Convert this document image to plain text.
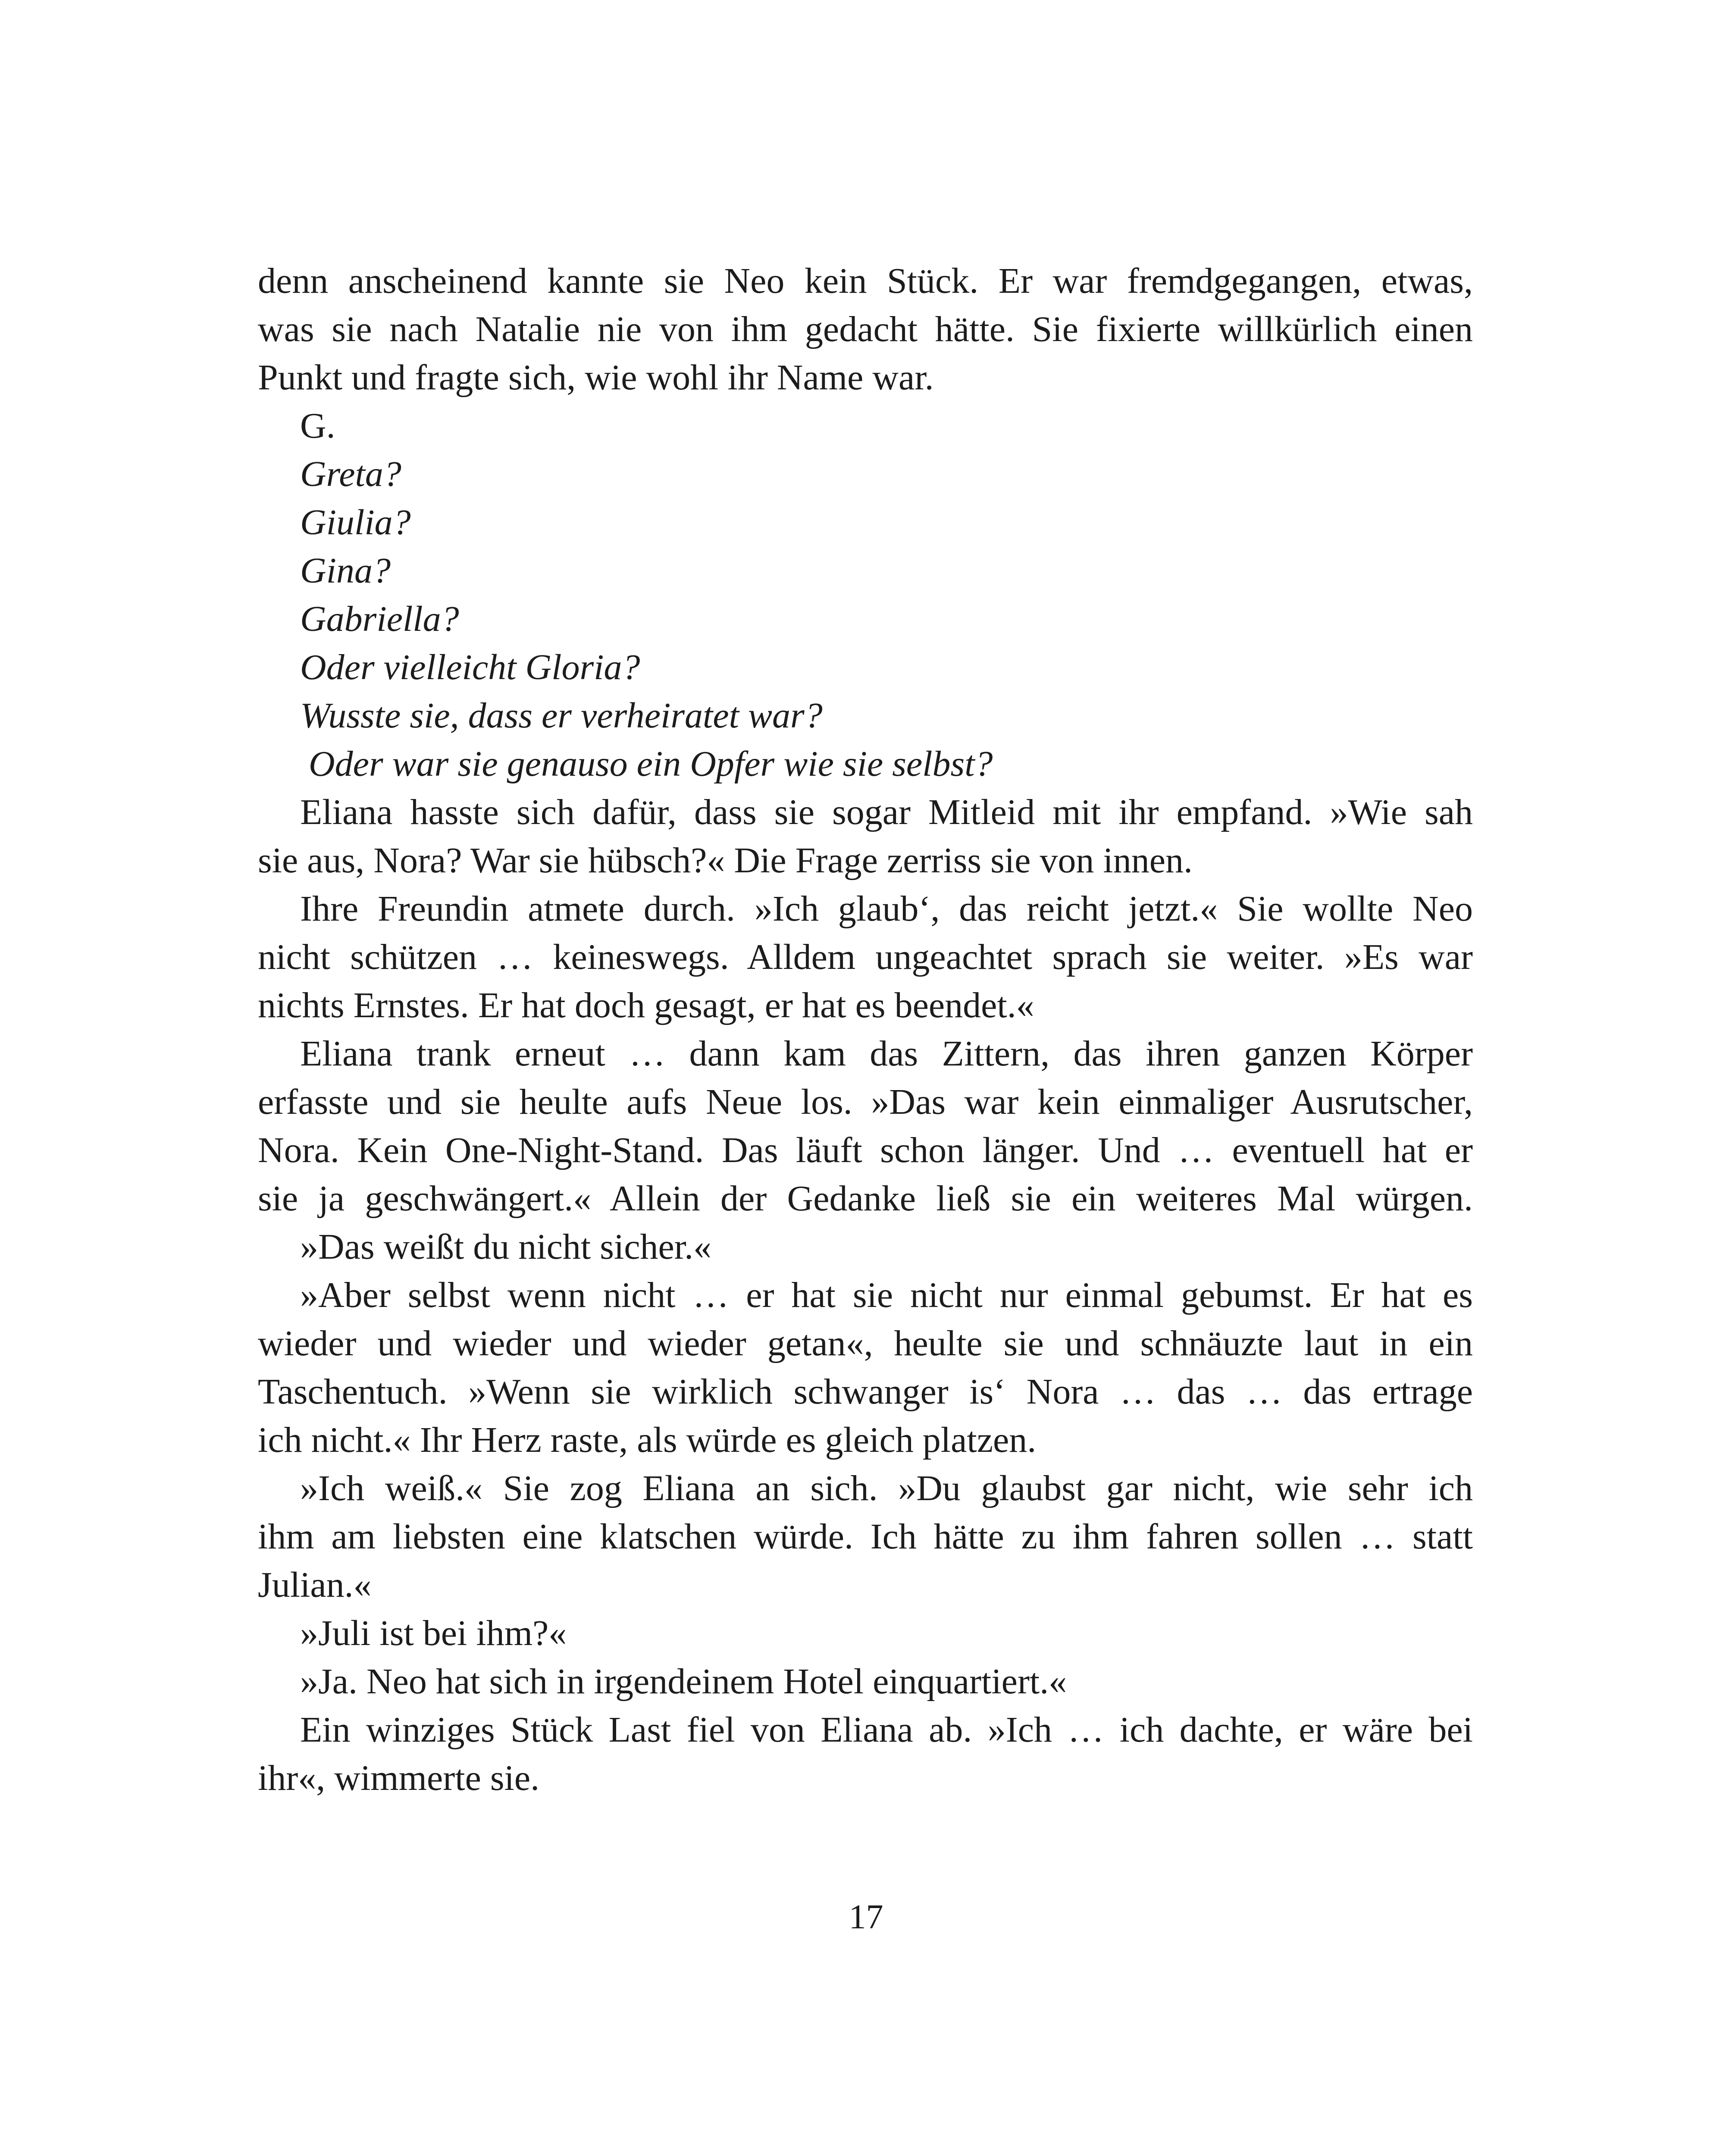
denn anscheinend kannte sie Neo kein Stück. Er war fremdgegangen, etwas,
was sie nach Natalie nie von ihm gedacht hätte. Sie fixierte willkürlich einen
Punkt und fragte sich, wie wohl ihr Name war.
G.
Greta?
Giulia?
Gina?
Gabriella?
Oder vielleicht Gloria?
Wusste sie, dass er verheiratet war?
Oder war sie genauso ein Opfer wie sie selbst?
Eliana hasste sich dafür, dass sie sogar Mitleid mit ihr empfand. »Wie sah
sie aus, Nora? War sie hübsch?« Die Frage zerriss sie von innen.
Ihre Freundin atmete durch. »Ich glaub‘, das reicht jetzt.« Sie wollte Neo
nicht schützen … keineswegs. Alldem ungeachtet sprach sie weiter. »Es war
nichts Ernstes. Er hat doch gesagt, er hat es beendet.«
Eliana trank erneut … dann kam das Zittern, das ihren ganzen Körper
erfasste und sie heulte aufs Neue los. »Das war kein einmaliger Ausrutscher,
Nora. Kein One-Night-Stand. Das läuft schon länger. Und … eventuell hat er
sie ja geschwängert.« Allein der Gedanke ließ sie ein weiteres Mal würgen.
»Das weißt du nicht sicher.«
»Aber selbst wenn nicht … er hat sie nicht nur einmal gebumst. Er hat es
wieder und wieder und wieder getan«, heulte sie und schnäuzte laut in ein
Taschentuch. »Wenn sie wirklich schwanger is‘ Nora … das … das ertrage
ich nicht.« Ihr Herz raste, als würde es gleich platzen.
»Ich weiß.« Sie zog Eliana an sich. »Du glaubst gar nicht, wie sehr ich
ihm am liebsten eine klatschen würde. Ich hätte zu ihm fahren sollen … statt
Julian.«
»Juli ist bei ihm?«
»Ja. Neo hat sich in irgendeinem Hotel einquartiert.«
Ein winziges Stück Last fiel von Eliana ab. »Ich … ich dachte, er wäre bei
ihr«, wimmerte sie.
17
